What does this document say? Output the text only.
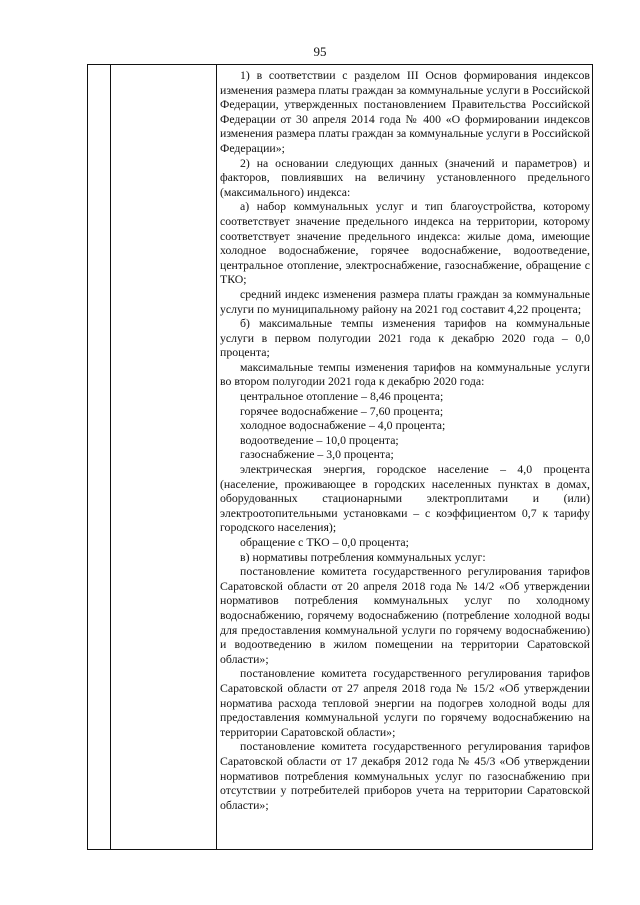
95

1) в соответствии с разделом III Основ формирования индексов изменения размера платы граждан за коммунальные услуги в Российской Федерации, утвержденных постановлением Правительства Российской Федерации от 30 апреля 2014 года № 400 «О формировании индексов изменения размера платы граждан за коммунальные услуги в Российской Федерации»;

2) на основании следующих данных (значений и параметров) и факторов, повлиявших на величину установленного предельного (максимального) индекса:

а) набор коммунальных услуг и тип благоустройства, которому соответствует значение предельного индекса на территории, которому соответствует значение предельного индекса: жилые дома, имеющие холодное водоснабжение, горячее водоснабжение, водоотведение, центральное отопление, электроснабжение, газоснабжение, обращение с ТКО;

средний индекс изменения размера платы граждан за коммунальные услуги по муниципальному району на 2021 год составит 4,22 процента;

б) максимальные темпы изменения тарифов на коммунальные услуги в первом полугодии 2021 года к декабрю 2020 года – 0,0 процента;

максимальные темпы изменения тарифов на коммунальные услуги во втором полугодии 2021 года к декабрю 2020 года:

центральное отопление – 8,46 процента;

горячее водоснабжение – 7,60 процента;

холодное водоснабжение – 4,0 процента;

водоотведение – 10,0 процента;

газоснабжение – 3,0 процента;

электрическая энергия, городское население – 4,0 процента (население, проживающее в городских населенных пунктах в домах, оборудованных стационарными электроплитами и (или) электроотопительными установками – с коэффициентом 0,7 к тарифу городского населения);

обращение с ТКО – 0,0 процента;

в) нормативы потребления коммунальных услуг:

постановление комитета государственного регулирования тарифов Саратовской области от 20 апреля 2018 года № 14/2 «Об утверждении нормативов потребления коммунальных услуг по холодному водоснабжению, горячему водоснабжению (потребление холодной воды для предоставления коммунальной услуги по горячему водоснабжению) и водоотведению в жилом помещении на территории Саратовской области»;

постановление комитета государственного регулирования тарифов Саратовской области от 27 апреля 2018 года № 15/2 «Об утверждении норматива расхода тепловой энергии на подогрев холодной воды для предоставления коммунальной услуги по горячему водоснабжению на территории Саратовской области»;

постановление комитета государственного регулирования тарифов Саратовской области от 17 декабря 2012 года № 45/3 «Об утверждении нормативов потребления коммунальных услуг по газоснабжению при отсутствии у потребителей приборов учета на территории Саратовской области»;
